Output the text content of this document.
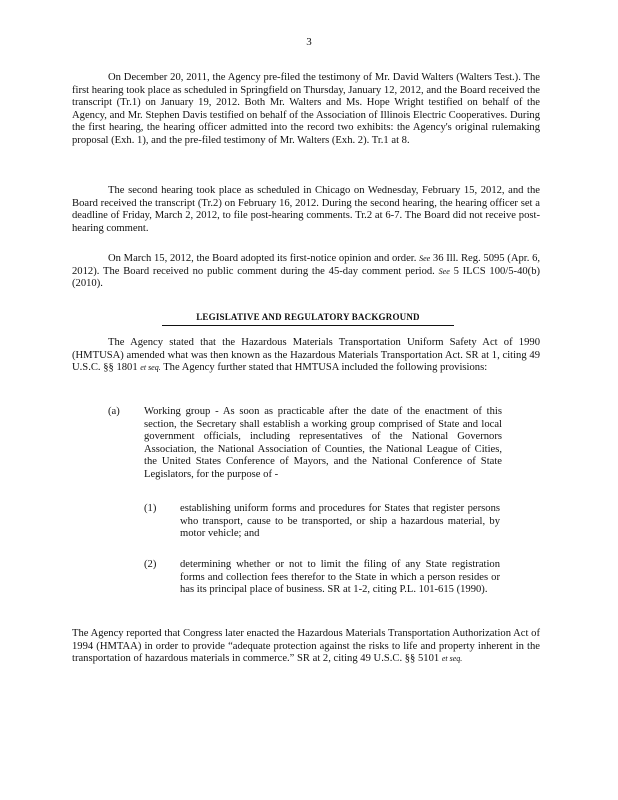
3

On December 20, 2011, the Agency pre-filed the testimony of Mr. David Walters (Walters Test.). The first hearing took place as scheduled in Springfield on Thursday, January 12, 2012, and the Board received the transcript (Tr.1) on January 19, 2012. Both Mr. Walters and Ms. Hope Wright testified on behalf of the Agency, and Mr. Stephen Davis testified on behalf of the Association of Illinois Electric Cooperatives. During the first hearing, the hearing officer admitted into the record two exhibits: the Agency's original rulemaking proposal (Exh. 1), and the pre-filed testimony of Mr. Walters (Exh. 2). Tr.1 at 8.

The second hearing took place as scheduled in Chicago on Wednesday, February 15, 2012, and the Board received the transcript (Tr.2) on February 16, 2012. During the second hearing, the hearing officer set a deadline of Friday, March 2, 2012, to file post-hearing comments. Tr.2 at 6-7. The Board did not receive post-hearing comment.

On March 15, 2012, the Board adopted its first-notice opinion and order. See 36 Ill. Reg. 5095 (Apr. 6, 2012). The Board received no public comment during the 45-day comment period. See 5 ILCS 100/5-40(b) (2010).

LEGISLATIVE AND REGULATORY BACKGROUND

The Agency stated that the Hazardous Materials Transportation Uniform Safety Act of 1990 (HMTUSA) amended what was then known as the Hazardous Materials Transportation Act. SR at 1, citing 49 U.S.C. §§ 1801 et seq. The Agency further stated that HMTUSA included the following provisions:

(a) Working group - As soon as practicable after the date of the enactment of this section, the Secretary shall establish a working group comprised of State and local government officials, including representatives of the National Governors Association, the National Association of Counties, the National League of Cities, the United States Conference of Mayors, and the National Conference of State Legislators, for the purpose of -

(1) establishing uniform forms and procedures for States that register persons who transport, cause to be transported, or ship a hazardous material, by motor vehicle; and

(2) determining whether or not to limit the filing of any State registration forms and collection fees therefor to the State in which a person resides or has its principal place of business. SR at 1-2, citing P.L. 101-615 (1990).

The Agency reported that Congress later enacted the Hazardous Materials Transportation Authorization Act of 1994 (HMTAA) in order to provide “adequate protection against the risks to life and property inherent in the transportation of hazardous materials in commerce.” SR at 2, citing 49 U.S.C. §§ 5101 et seq.
